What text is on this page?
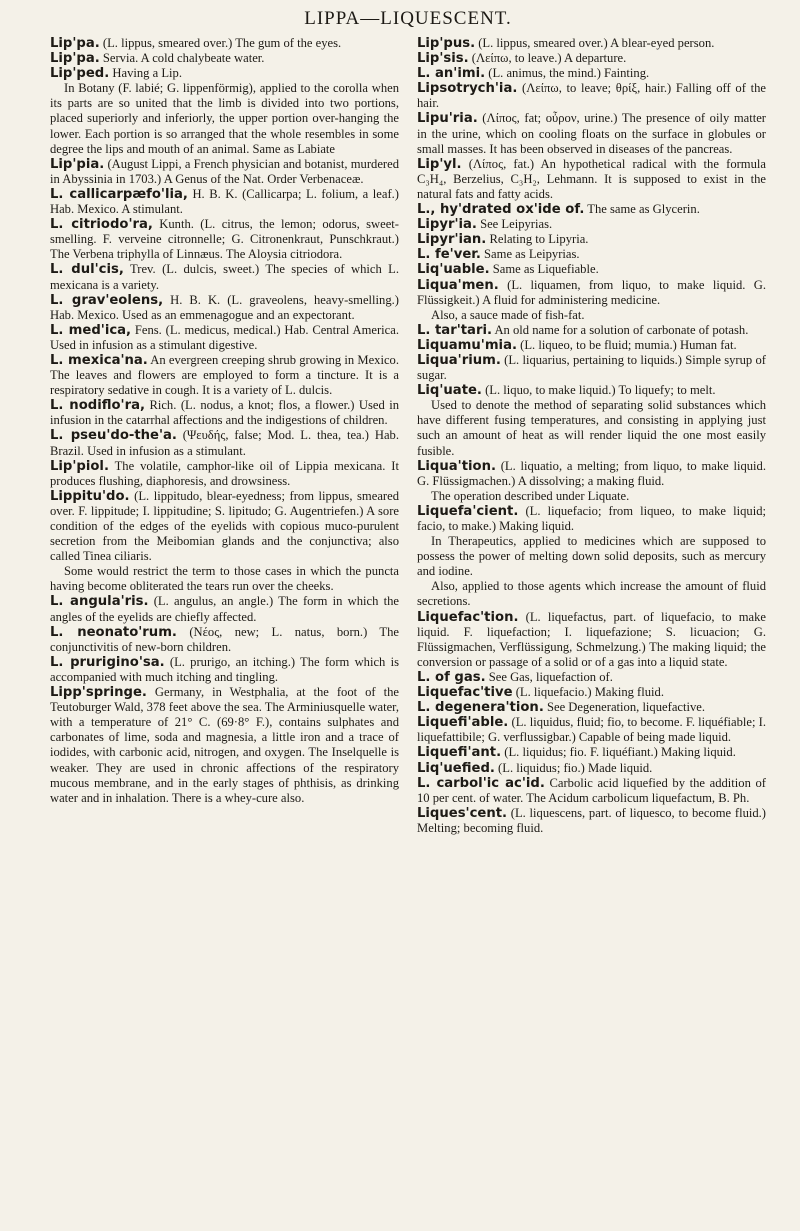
LIPPA—LIQUESCENT.

Lip'pa. (L. lippus, smeared over.) The gum of the eyes.

Lip'pa. Servia. A cold chalybeate water.

Lip'ped. Having a Lip.

In Botany (F. labié; G. lippenförmig), applied to the corolla when its parts are so united that the limb is divided into two portions, placed superiorly and inferiorly, the upper portion over-hanging the lower. Each portion is so arranged that the whole resembles in some degree the lips and mouth of an animal. Same as Labiate

Lip'pia. (August Lippi, a French physician and botanist, murdered in Abyssinia in 1703.) A Genus of the Nat. Order Verbenaceæ.

L. callicarpæfo'lia, H. B. K. (Callicarpa; L. folium, a leaf.) Hab. Mexico. A stimulant.

L. citriodo'ra, Kunth. (L. citrus, the lemon; odorus, sweet-smelling. F. verveine citronnelle; G. Citronenkraut, Punschkraut.) The Verbena triphylla of Linnæus. The Aloysia citriodora.

L. dul'cis, Trev. (L. dulcis, sweet.) The species of which L. mexicana is a variety.

L. grav'eolens, H. B. K. (L. graveolens, heavy-smelling.) Hab. Mexico. Used as an emmenagogue and an expectorant.

L. med'ica, Fens. (L. medicus, medical.) Hab. Central America. Used in infusion as a stimulant digestive.

L. mexica'na. An evergreen creeping shrub growing in Mexico. The leaves and flowers are employed to form a tincture. It is a respiratory sedative in cough. It is a variety of L. dulcis.

L. nodiflo'ra, Rich. (L. nodus, a knot; flos, a flower.) Used in infusion in the catarrhal affections and the indigestions of children.

L. pseu'do-the'a. (Ψευδής, false; Mod. L. thea, tea.) Hab. Brazil. Used in infusion as a stimulant.

Lip'piol. The volatile, camphor-like oil of Lippia mexicana. It produces flushing, diaphoresis, and drowsiness.

Lippitu'do. (L. lippitudo, blear-eyedness; from lippus, smeared over. F. lippitude; I. lippitudine; S. lipitudo; G. Augentriefen.) A sore condition of the edges of the eyelids with copious muco-purulent secretion from the Meibomian glands and the conjunctiva; also called Tinea ciliaris.

Some would restrict the term to those cases in which the puncta having become obliterated the tears run over the cheeks.

L. angula'ris. (L. angulus, an angle.) The form in which the angles of the eyelids are chiefly affected.

L. neonato'rum. (Νέος, new; L. natus, born.) The conjunctivitis of new-born children.

L. prurigino'sa. (L. prurigo, an itching.) The form which is accompanied with much itching and tingling.

Lipp'springe. Germany, in Westphalia, at the foot of the Teutoburger Wald, 378 feet above the sea. The Arminiusquelle water, with a temperature of 21° C. (69·8° F.), contains sulphates and carbonates of lime, soda and magnesia, a little iron and a trace of iodides, with carbonic acid, nitrogen, and oxygen. The Inselquelle is weaker. They are used in chronic affections of the respiratory mucous membrane, and in the early stages of phthisis, as drinking water and in inhalation. There is a whey-cure also.

Lip'pus. (L. lippus, smeared over.) A blear-eyed person.

Lip'sis. (Λείπω, to leave.) A departure.

L. an'imi. (L. animus, the mind.) Fainting.

Lipsotrych'ia. (Λείπω, to leave; θρίξ, hair.) Falling off of the hair.

Lipu'ria. (Λίπος, fat; οὖρον, urine.) The presence of oily matter in the urine, which on cooling floats on the surface in globules or small masses. It has been observed in diseases of the pancreas.

Lip'yl. (Λίπος, fat.) An hypothetical radical with the formula C₃H₄, Berzelius, C₃H₂, Lehmann. It is supposed to exist in the natural fats and fatty acids.

L., hy'drated ox'ide of. The same as Glycerin.

Lipyr'ia. See Leipyrias.

Lipyr'ian. Relating to Lipyria.

L. fe'ver. Same as Leipyrias.

Liq'uable. Same as Liquefiable.

Liqua'men. (L. liquamen, from liquo, to make liquid. G. Flüssigkeit.) A fluid for administering medicine.

Also, a sauce made of fish-fat.

L. tar'tari. An old name for a solution of carbonate of potash.

Liquamu'mia. (L. liqueo, to be fluid; mumia.) Human fat.

Liqua'rium. (L. liquarius, pertaining to liquids.) Simple syrup of sugar.

Liq'uate. (L. liquo, to make liquid.) To liquefy; to melt.

Used to denote the method of separating solid substances which have different fusing temperatures, and consisting in applying just such an amount of heat as will render liquid the one most easily fusible.

Liqua'tion. (L. liquatio, a melting; from liquo, to make liquid. G. Flüssigmachen.) A dissolving; a making fluid.

The operation described under Liquate.

Liquefa'cient. (L. liquefacio; from liqueo, to make liquid; facio, to make.) Making liquid.

In Therapeutics, applied to medicines which are supposed to possess the power of melting down solid deposits, such as mercury and iodine.

Also, applied to those agents which increase the amount of fluid secretions.

Liquefac'tion. (L. liquefactus, part. of liquefacio, to make liquid. F. liquefaction; I. liquefazione; S. licuacion; G. Flüssigmachen, Verflüssigung, Schmelzung.) The making liquid; the conversion or passage of a solid or of a gas into a liquid state.

L. of gas. See Gas, liquefaction of.

Liquefac'tive (L. liquefacio.) Making fluid.

L. degenera'tion. See Degeneration, liquefactive.

Liquefi'able. (L. liquidus, fluid; fio, to become. F. liquéfiable; I. liquefattibile; G. verflussigbar.) Capable of being made liquid.

Liquefi'ant. (L. liquidus; fio. F. liquéfiant.) Making liquid.

Liq'uefied. (L. liquidus; fio.) Made liquid.

L. carbol'ic ac'id. Carbolic acid liquefied by the addition of 10 per cent. of water. The Acidum carbolicum liquefactum, B. Ph.

Liques'cent. (L. liquescens, part. of liquesco, to become fluid.) Melting; becoming fluid.
